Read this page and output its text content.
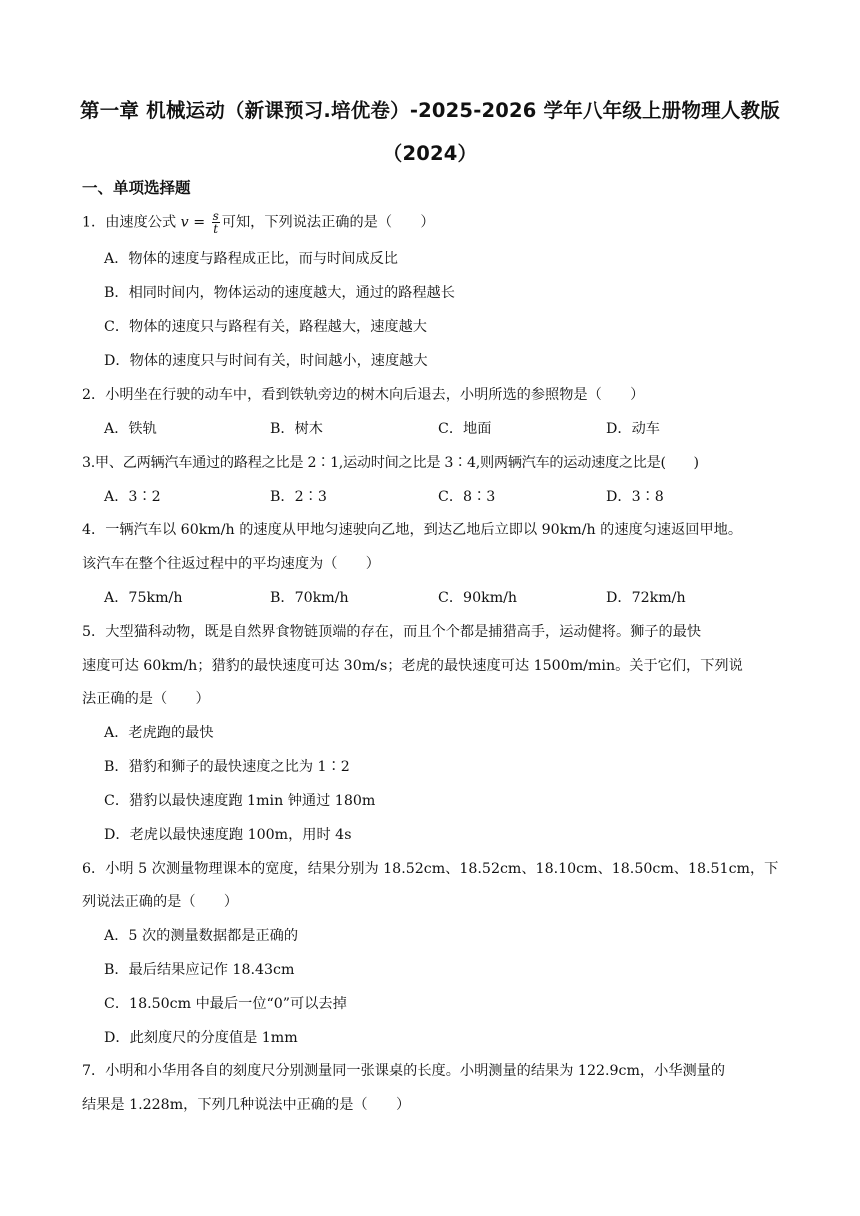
第一章 机械运动（新课预习.培优卷）-2025-2026 学年八年级上册物理人教版
（2024）
一、单项选择题
1．由速度公式 $v = \frac{s}{t}$ 可知，下列说法正确的是（　　）
A．物体的速度与路程成正比，而与时间成反比
B．相同时间内，物体运动的速度越大，通过的路程越长
C．物体的速度只与路程有关，路程越大，速度越大
D．物体的速度只与时间有关，时间越小，速度越大
2．小明坐在行驶的动车中，看到铁轨旁边的树木向后退去，小明所选的参照物是（　　）
A．铁轨	B．树木	C．地面	D．动车
3.甲、乙两辆汽车通过的路程之比是 2∶1,运动时间之比是 3∶4,则两辆汽车的运动速度之比是(　　)
A．3∶2	B．2∶3	C．8∶3	D．3∶8
4．一辆汽车以 60km/h 的速度从甲地匀速驶向乙地，到达乙地后立即以 90km/h 的速度匀速返回甲地。
该汽车在整个往返过程中的平均速度为（　　）
A．75km/h	B．70km/h	C．90km/h	D．72km/h
5．大型猫科动物，既是自然界食物链顶端的存在，而且个个都是捕猎高手，运动健将。狮子的最快
速度可达 60km/h；猎豹的最快速度可达 30m/s；老虎的最快速度可达 1500m/min。关于它们，下列说
法正确的是（　　）
A．老虎跑的最快
B．猎豹和狮子的最快速度之比为 1∶2
C．猎豹以最快速度跑 1min 钟通过 180m
D．老虎以最快速度跑 100m，用时 4s
6．小明 5 次测量物理课本的宽度，结果分别为 18.52cm、18.52cm、18.10cm、18.50cm、18.51cm，下
列说法正确的是（　　）
A．5 次的测量数据都是正确的
B．最后结果应记作 18.43cm
C．18.50cm 中最后一位“0”可以去掉
D．此刻度尺的分度值是 1mm
7．小明和小华用各自的刻度尺分别测量同一张课桌的长度。小明测量的结果为 122.9cm，小华测量的
结果是 1.228m，下列几种说法中正确的是（　　）
